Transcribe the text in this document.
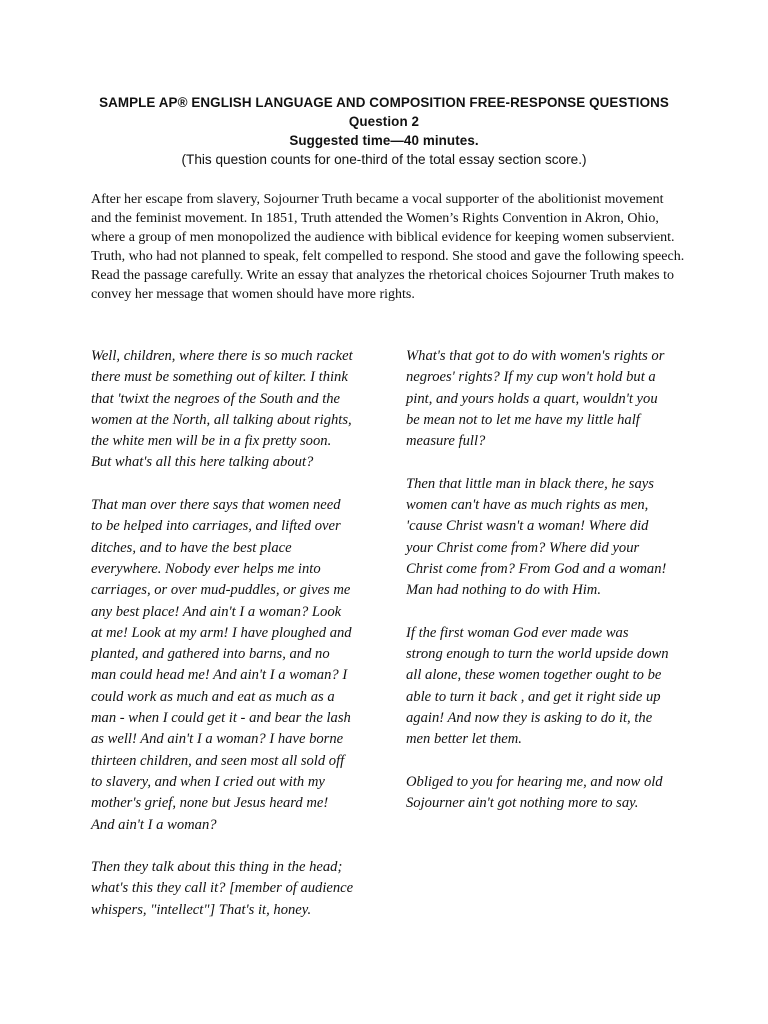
SAMPLE AP® ENGLISH LANGUAGE AND COMPOSITION FREE-RESPONSE QUESTIONS
Question 2
Suggested time—40 minutes.
(This question counts for one-third of the total essay section score.)
After her escape from slavery, Sojourner Truth became a vocal supporter of the abolitionist movement
and the feminist movement. In 1851, Truth attended the Women’s Rights Convention in Akron, Ohio,
where a group of men monopolized the audience with biblical evidence for keeping women subservient.
Truth, who had not planned to speak, felt compelled to respond. She stood and gave the following speech.
Read the passage carefully. Write an essay that analyzes the rhetorical choices Sojourner Truth makes to
convey her message that women should have more rights.

Well, children, where there is so much racket
there must be something out of kilter. I think
that 'twixt the negroes of the South and the
women at the North, all talking about rights,
the white men will be in a fix pretty soon.
But what's all this here talking about?

That man over there says that women need
to be helped into carriages, and lifted over
ditches, and to have the best place
everywhere. Nobody ever helps me into
carriages, or over mud-puddles, or gives me
any best place! And ain't I a woman? Look
at me! Look at my arm! I have ploughed and
planted, and gathered into barns, and no
man could head me! And ain't I a woman? I
could work as much and eat as much as a
man - when I could get it - and bear the lash
as well! And ain't I a woman? I have borne
thirteen children, and seen most all sold off
to slavery, and when I cried out with my
mother's grief, none but Jesus heard me!
And ain't I a woman?

Then they talk about this thing in the head;
what's this they call it? [member of audience
whispers, "intellect"] That's it, honey.

What's that got to do with women's rights or
negroes' rights? If my cup won't hold but a
pint, and yours holds a quart, wouldn't you
be mean not to let me have my little half
measure full?

Then that little man in black there, he says
women can't have as much rights as men,
'cause Christ wasn't a woman! Where did
your Christ come from? Where did your
Christ come from? From God and a woman!
Man had nothing to do with Him.

If the first woman God ever made was
strong enough to turn the world upside down
all alone, these women together ought to be
able to turn it back , and get it right side up
again! And now they is asking to do it, the
men better let them.

Obliged to you for hearing me, and now old
Sojourner ain't got nothing more to say.
